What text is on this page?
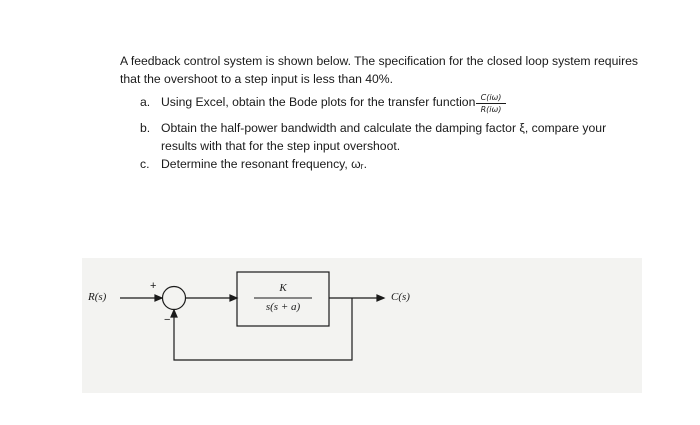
A feedback control system is shown below. The specification for the closed loop system requires
that the overshoot to a step input is less than 40%.
a. Using Excel, obtain the Bode plots for the transfer function C(iω)
R(iω)
b. Obtain the half-power bandwidth and calculate the damping factor ξ, compare your
results with that for the step input overshoot.
c. Determine the resonant frequency, ωᵣ.
R(s)
+
−
K
s(s + a)
C(s)
